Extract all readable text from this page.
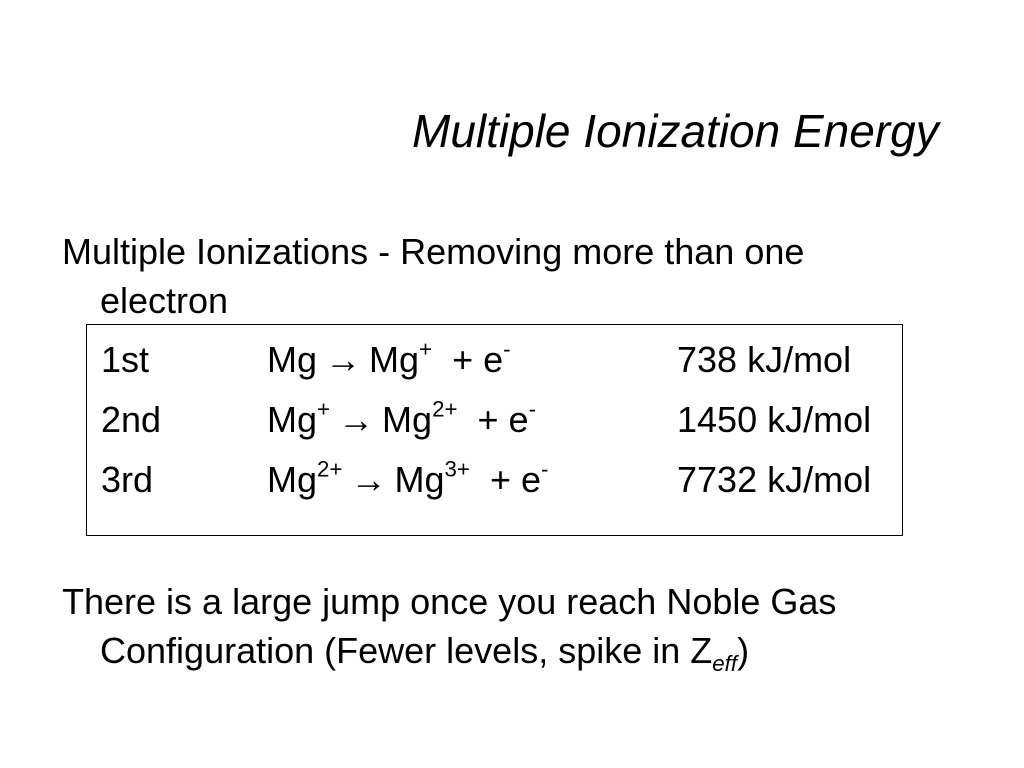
Multiple Ionization Energy
Multiple Ionizations - Removing more than one
electron
1st	Mg → Mg+ + e-	738 kJ/mol
2nd	$Mg^+ \to Mg^{2+} + e^-$	1450 kJ/mol
3rd	$Mg^{2+} \to Mg^{3+} + e^-$	7732 kJ/mol
There is a large jump once you reach Noble Gas
Configuration (Fewer levels, spike in $Z_{eff}$)
